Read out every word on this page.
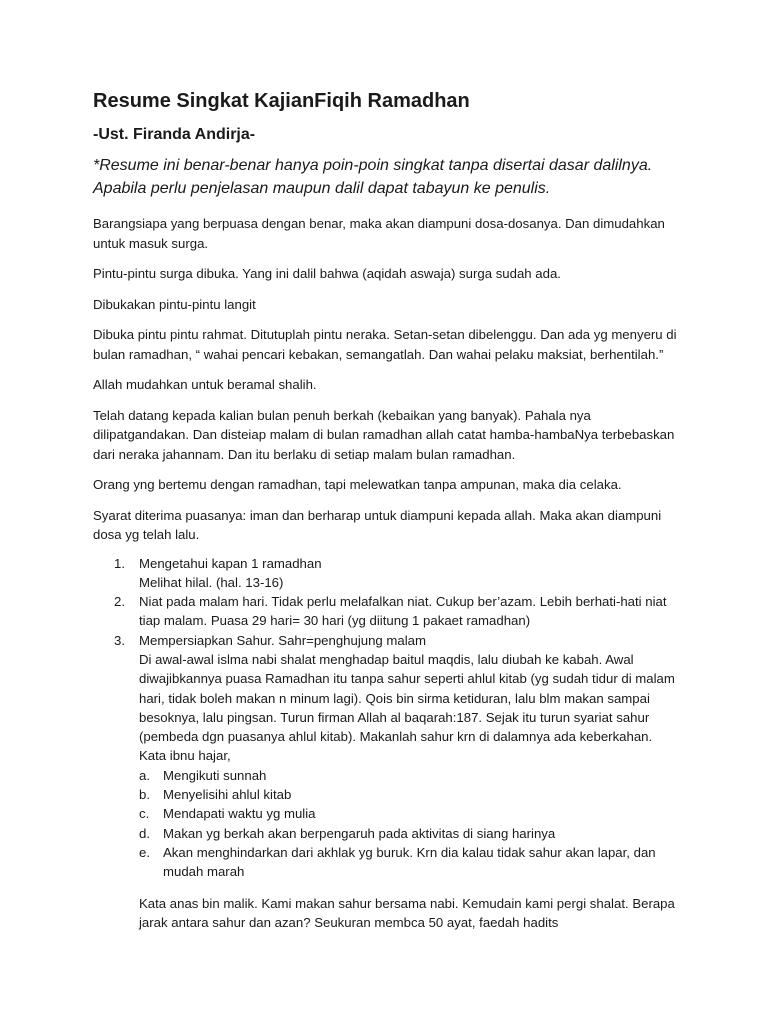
Resume Singkat KajianFiqih Ramadhan
-Ust. Firanda Andirja-
*Resume ini benar-benar hanya poin-poin singkat tanpa disertai dasar dalilnya. Apabila perlu penjelasan maupun dalil dapat tabayun ke penulis.

Barangsiapa yang berpuasa dengan benar, maka akan diampuni dosa-dosanya. Dan dimudahkan untuk masuk surga.

Pintu-pintu surga dibuka. Yang ini dalil bahwa (aqidah aswaja) surga sudah ada.

Dibukakan pintu-pintu langit

Dibuka pintu pintu rahmat. Ditutuplah pintu neraka. Setan-setan dibelenggu. Dan ada yg menyeru di bulan ramadhan, “ wahai pencari kebakan, semangatlah. Dan wahai pelaku maksiat, berhentilah.”

Allah mudahkan untuk beramal shalih.

Telah datang kepada kalian bulan penuh berkah (kebaikan yang banyak). Pahala nya dilipatgandakan. Dan disteiap malam di bulan ramadhan allah catat hamba-hambaNya terbebaskan dari neraka jahannam. Dan itu berlaku di setiap malam bulan ramadhan.

Orang yng bertemu dengan ramadhan, tapi melewatkan tanpa ampunan, maka dia celaka.

Syarat diterima puasanya: iman dan berharap untuk diampuni kepada allah. Maka akan diampuni dosa yg telah lalu.

1. Mengetahui kapan 1 ramadhan
Melihat hilal. (hal. 13-16)
2. Niat pada malam hari. Tidak perlu melafalkan niat. Cukup ber’azam. Lebih berhati-hati niat tiap malam. Puasa 29 hari= 30 hari (yg diitung 1 pakaet ramadhan)
3. Mempersiapkan Sahur. Sahr=penghujung malam
Di awal-awal islma nabi shalat menghadap baitul maqdis, lalu diubah ke kabah. Awal diwajibkannya puasa Ramadhan itu tanpa sahur seperti ahlul kitab (yg sudah tidur di malam hari, tidak boleh makan n minum lagi). Qois bin sirma ketiduran, lalu blm makan sampai besoknya, lalu pingsan. Turun firman Allah al baqarah:187. Sejak itu turun syariat sahur (pembeda dgn puasanya ahlul kitab). Makanlah sahur krn di dalamnya ada keberkahan. Kata ibnu hajar,
a. Mengikuti sunnah
b. Menyelisihi ahlul kitab
c. Mendapati waktu yg mulia
d. Makan yg berkah akan berpengaruh pada aktivitas di siang harinya
e. Akan menghindarkan dari akhlak yg buruk. Krn dia kalau tidak sahur akan lapar, dan mudah marah

Kata anas bin malik. Kami makan sahur bersama nabi. Kemudain kami pergi shalat. Berapa jarak antara sahur dan azan? Seukuran membca 50 ayat, faedah hadits
